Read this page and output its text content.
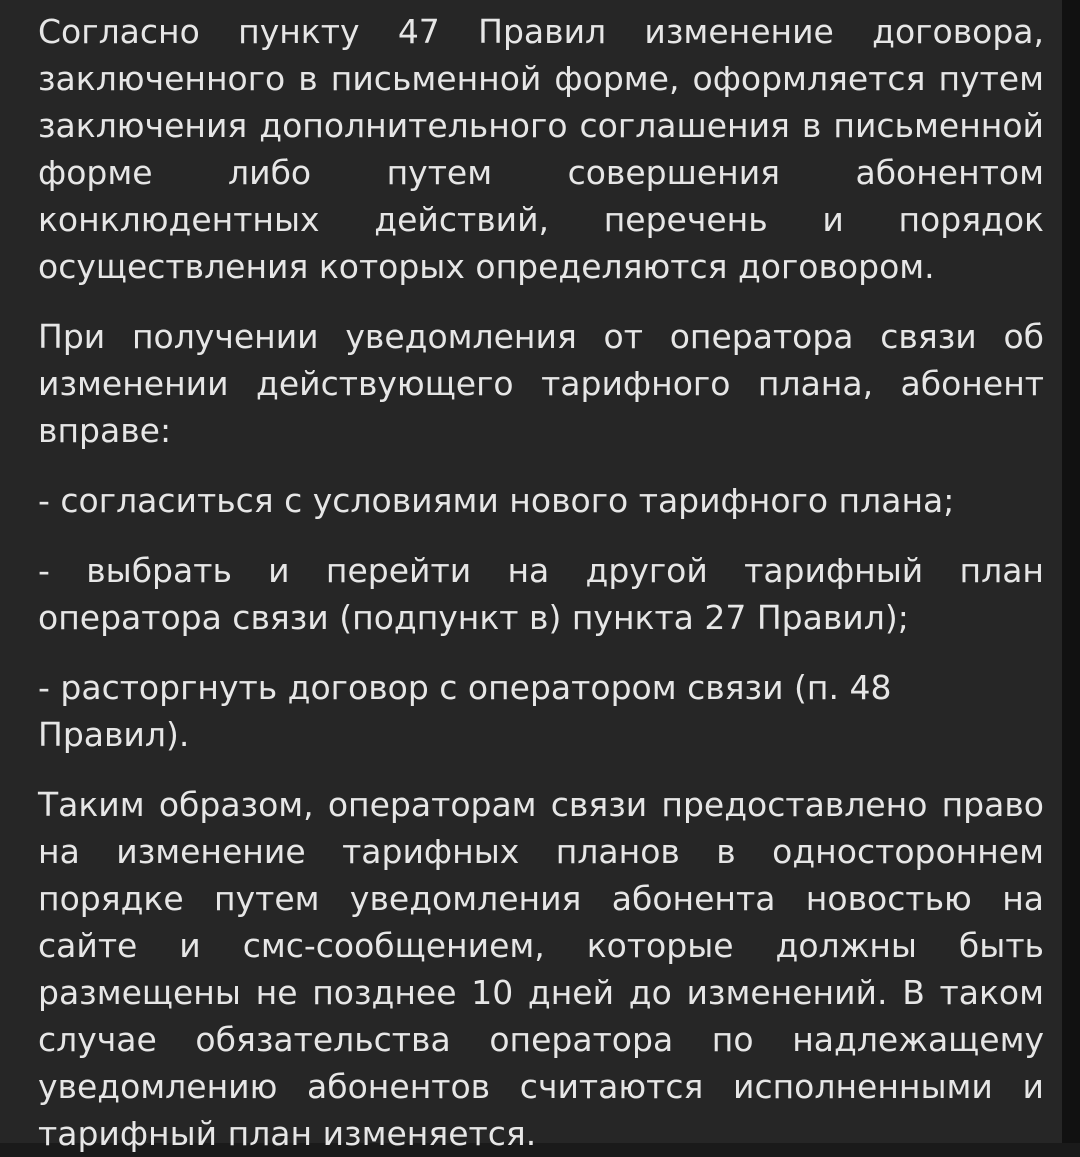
Согласно пункту 47 Правил изменение договора, заключенного в письменной форме, оформляется путем заключения дополнительного соглашения в письменной форме либо путем совершения абонентом конклюдентных действий, перечень и порядок осуществления которых определяются договором.

При получении уведомления от оператора связи об изменении действующего тарифного плана, абонент вправе:

- согласиться с условиями нового тарифного плана;

- выбрать и перейти на другой тарифный план оператора связи (подпункт в) пункта 27 Правил);

- расторгнуть договор с оператором связи (п. 48 Правил).

Таким образом, операторам связи предоставлено право на изменение тарифных планов в одностороннем порядке путем уведомления абонента новостью на сайте и смс-сообщением, которые должны быть размещены не позднее 10 дней до изменений. В таком случае обязательства оператора по надлежащему уведомлению абонентов считаются исполненными и тарифный план изменяется.
